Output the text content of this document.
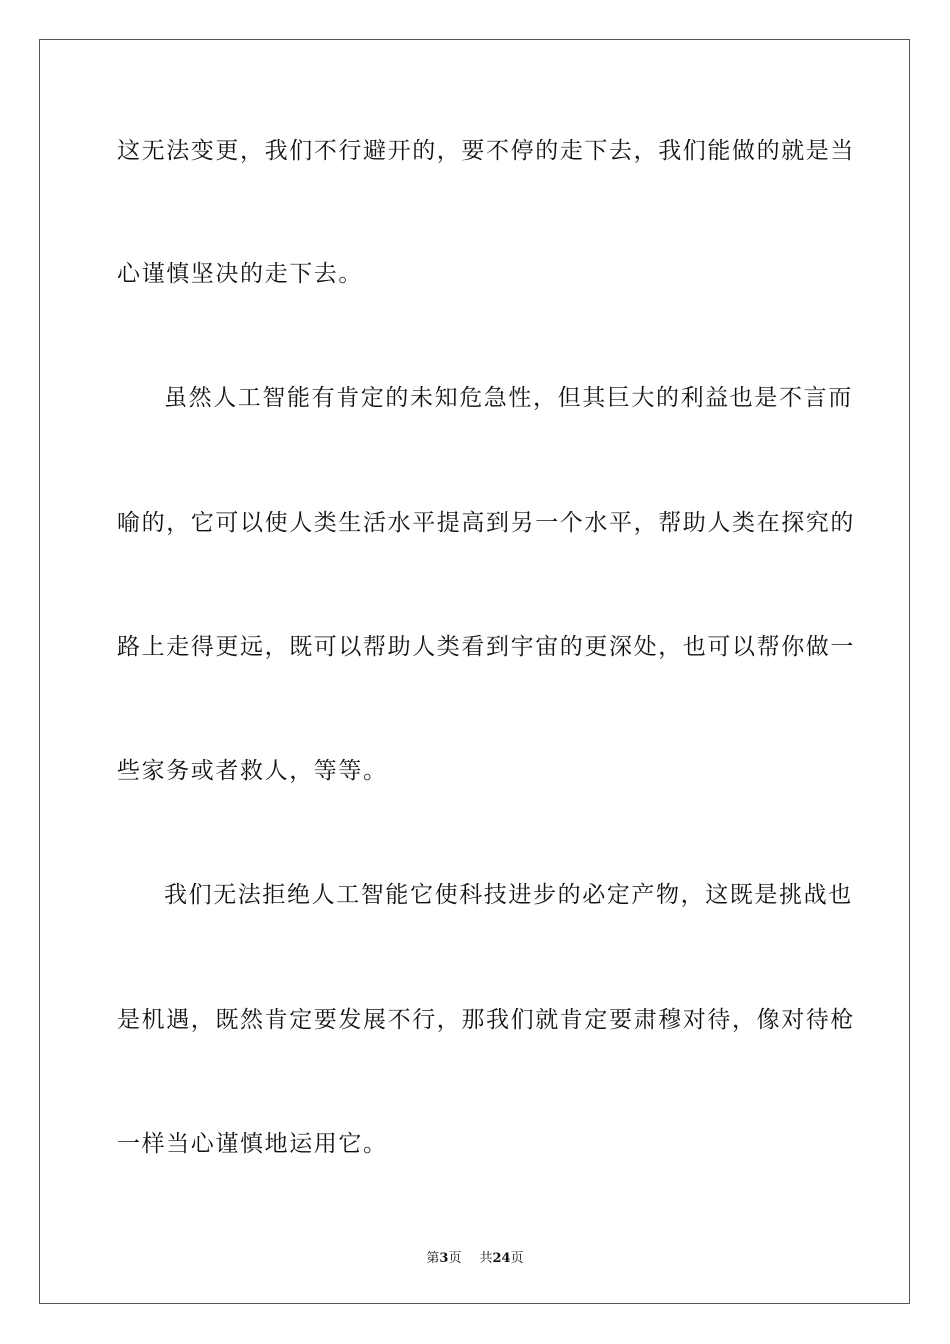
这无法变更，我们不行避开的，要不停的走下去，我们能做的就是当
心谨慎坚决的走下去。
虽然人工智能有肯定的未知危急性，但其巨大的利益也是不言而
喻的，它可以使人类生活水平提高到另一个水平，帮助人类在探究的
路上走得更远，既可以帮助人类看到宇宙的更深处，也可以帮你做一
些家务或者救人，等等。
我们无法拒绝人工智能它使科技进步的必定产物，这既是挑战也
是机遇，既然肯定要发展不行，那我们就肯定要肃穆对待，像对待枪
一样当心谨慎地运用它。
第3页 共24页
